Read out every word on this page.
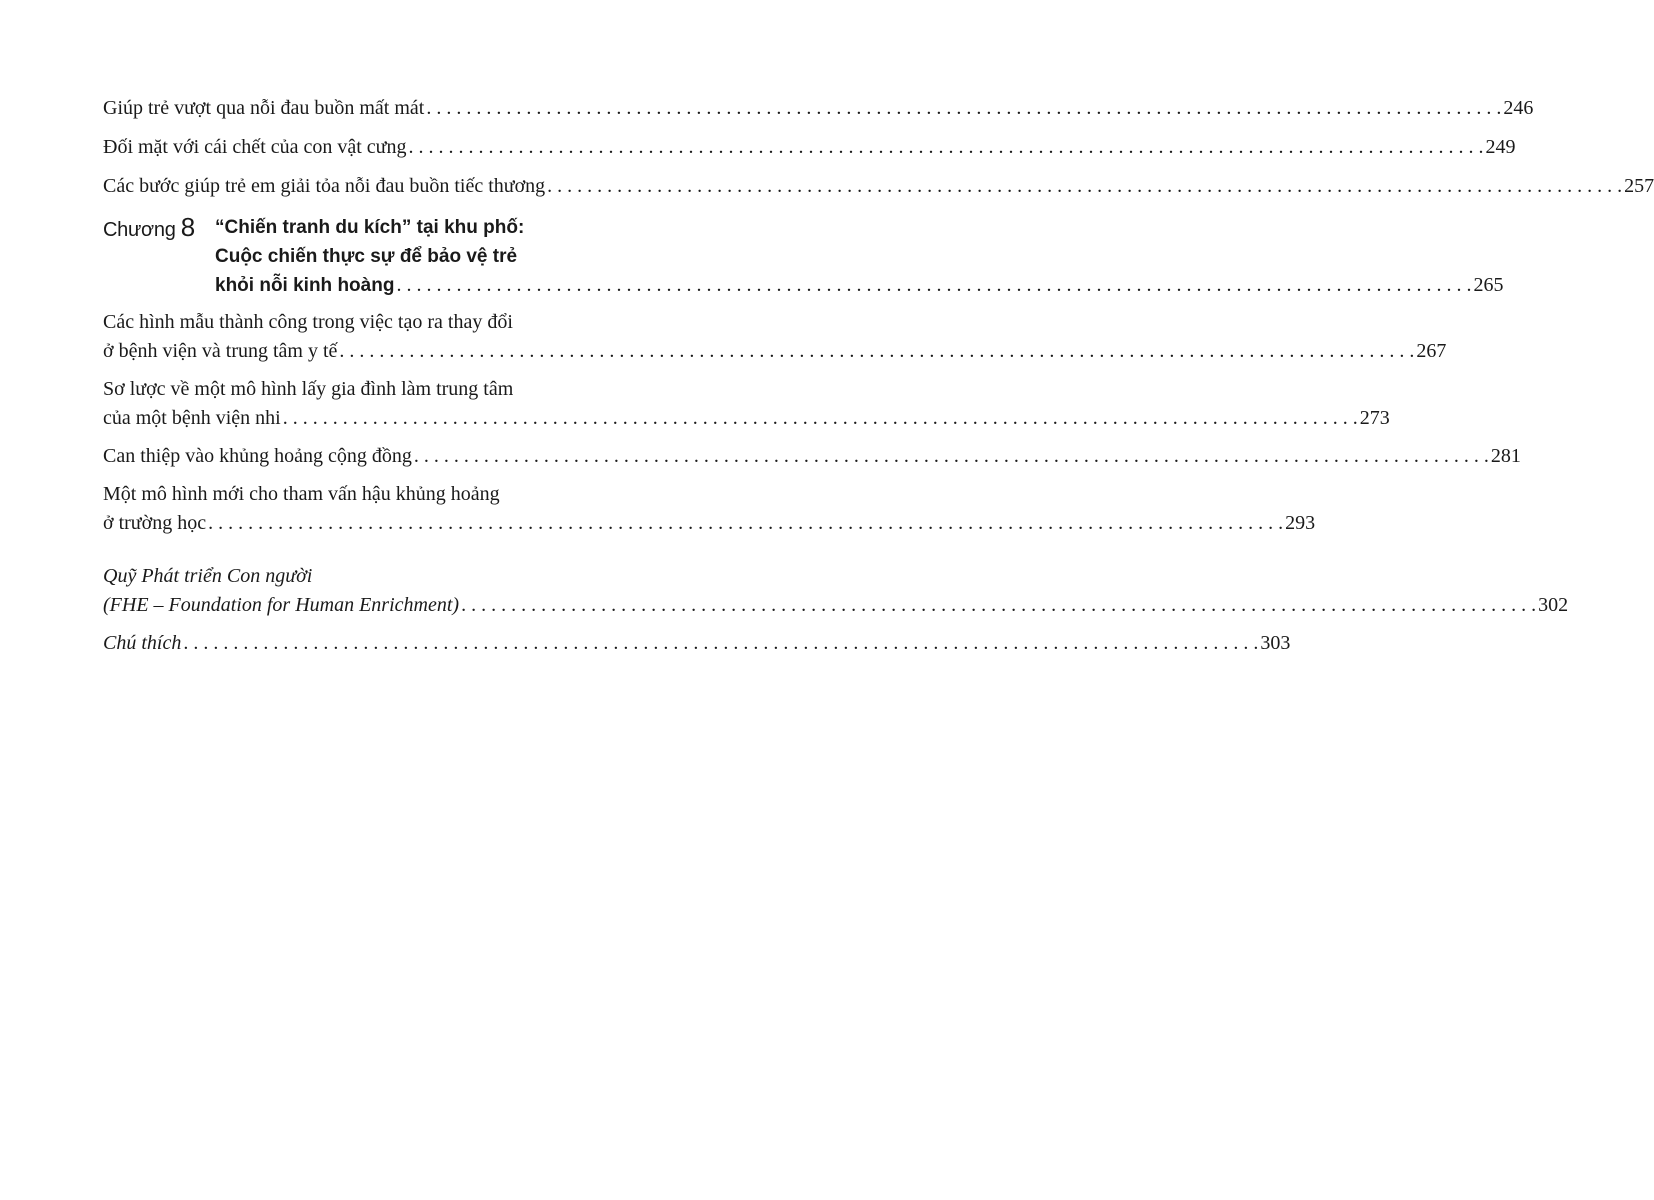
Giúp trẻ vượt qua nỗi đau buồn mất mát . . .	246
Đối mặt với cái chết của con vật cưng . . .	249
Các bước giúp trẻ em giải tỏa nỗi đau buồn tiếc thương . . .	257
Chương 8	“Chiến tranh du kích” tại khu phố:
Cuộc chiến thực sự để bảo vệ trẻ
khỏi nỗi kinh hoàng . . .	265
Các hình mẫu thành công trong việc tạo ra thay đổi
ở bệnh viện và trung tâm y tế . . .	267
Sơ lược về một mô hình lấy gia đình làm trung tâm
của một bệnh viện nhi . . .	273
Can thiệp vào khủng hoảng cộng đồng . . .	281
Một mô hình mới cho tham vấn hậu khủng hoảng
ở trường học . . .	293
Quỹ Phát triển Con người
(FHE – Foundation for Human Enrichment) . . .	302
Chú thích . . .	303
